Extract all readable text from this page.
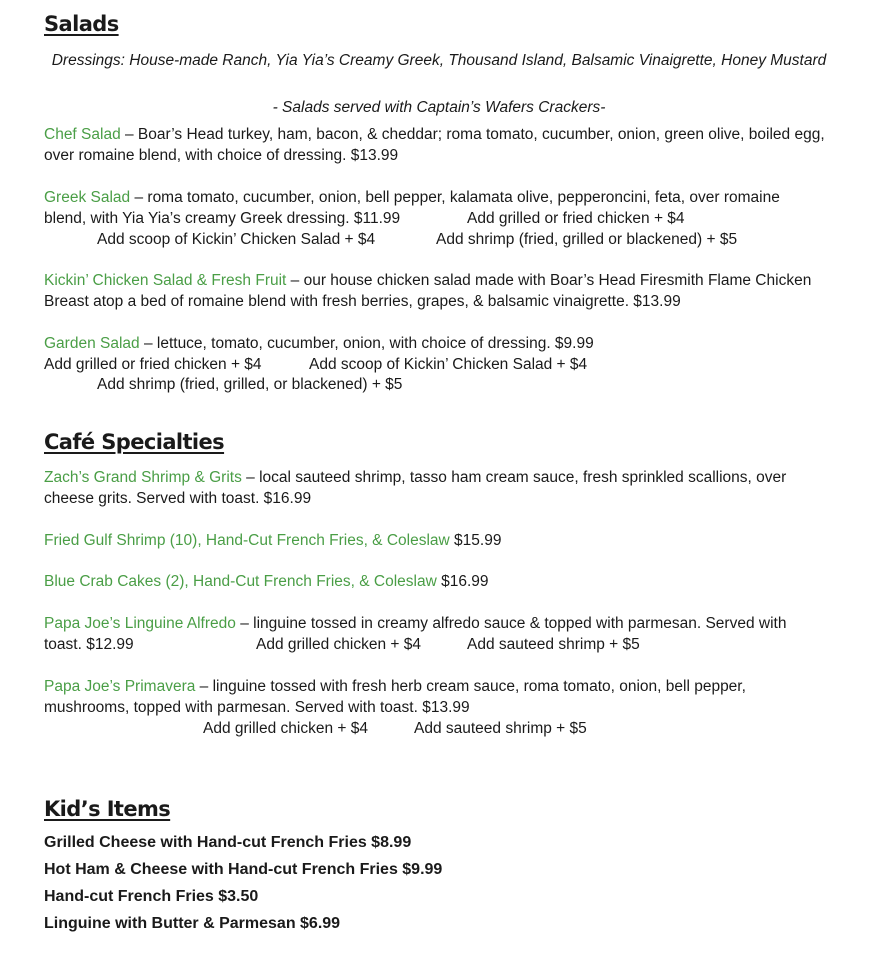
Salads
Dressings: House-made Ranch, Yia Yia’s Creamy Greek, Thousand Island, Balsamic Vinaigrette, Honey Mustard
- Salads served with Captain’s Wafers Crackers-
Chef Salad – Boar’s Head turkey, ham, bacon, & cheddar; roma tomato, cucumber, onion, green olive, boiled egg, over romaine blend, with choice of dressing. $13.99
Greek Salad – roma tomato, cucumber, onion, bell pepper, kalamata olive, pepperoncini, feta, over romaine
blend, with Yia Yia’s creamy Greek dressing. $11.99	Add grilled or fried chicken + $4
Add scoop of Kickin’ Chicken Salad + $4	Add shrimp (fried, grilled or blackened) + $5
Kickin’ Chicken Salad & Fresh Fruit – our house chicken salad made with Boar’s Head Firesmith Flame Chicken Breast atop a bed of romaine blend with fresh berries, grapes, & balsamic vinaigrette. $13.99
Garden Salad – lettuce, tomato, cucumber, onion, with choice of dressing. $9.99
Add grilled or fried chicken + $4	Add scoop of Kickin’ Chicken Salad + $4
Add shrimp (fried, grilled, or blackened) + $5
Café Specialties
Zach’s Grand Shrimp & Grits – local sauteed shrimp, tasso ham cream sauce, fresh sprinkled scallions, over cheese grits. Served with toast. $16.99
Fried Gulf Shrimp (10), Hand-Cut French Fries, & Coleslaw $15.99
Blue Crab Cakes (2), Hand-Cut French Fries, & Coleslaw $16.99
Papa Joe’s Linguine Alfredo – linguine tossed in creamy alfredo sauce & topped with parmesan. Served with
toast. $12.99	Add grilled chicken + $4	Add sauteed shrimp + $5
Papa Joe’s Primavera – linguine tossed with fresh herb cream sauce, roma tomato, onion, bell pepper, mushrooms, topped with parmesan. Served with toast. $13.99
Add grilled chicken + $4	Add sauteed shrimp + $5
Kid’s Items
Grilled Cheese with Hand-cut French Fries $8.99
Hot Ham & Cheese with Hand-cut French Fries $9.99
Hand-cut French Fries $3.50
Linguine with Butter & Parmesan $6.99
